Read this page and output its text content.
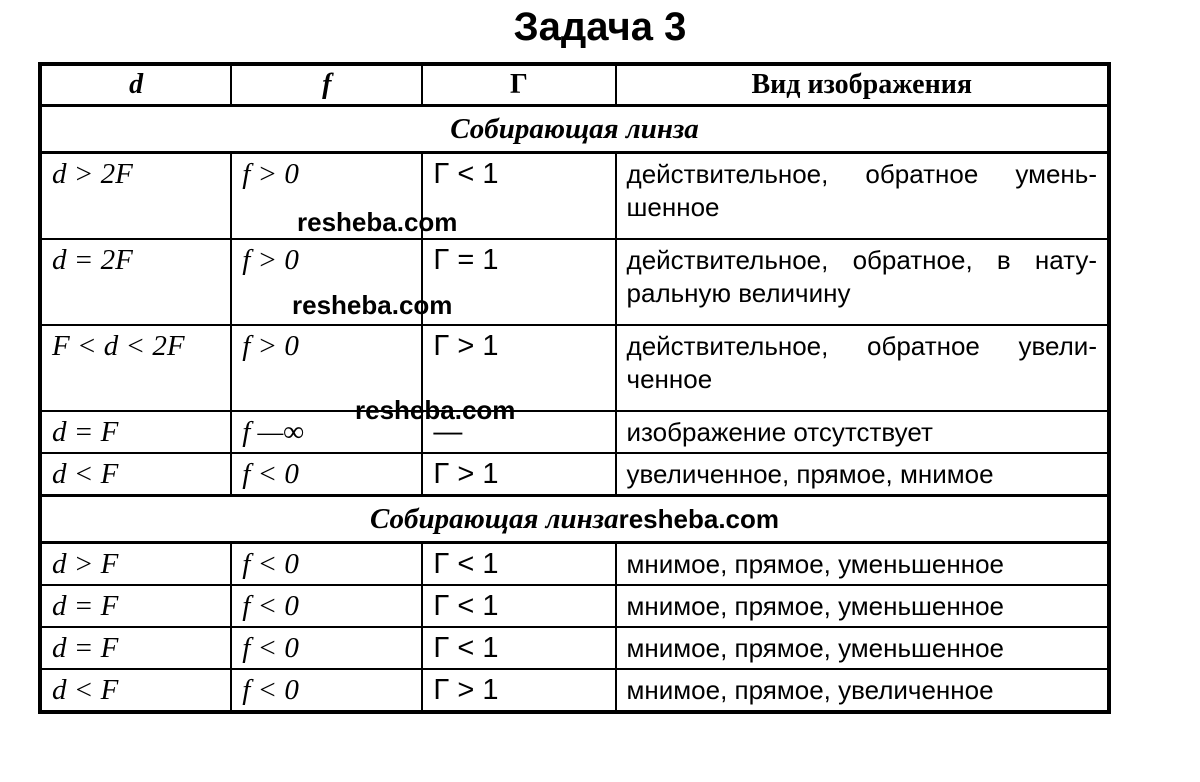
Задача 3
d	f	Γ	Вид изображения
Собирающая линза			
d > 2F	f > 0	Γ < 1	действительное, обратное умень-шенное
d = 2F	f > 0	Γ = 1	действительное, обратное, в нату-ральную величину
F < d < 2F	f > 0	Γ > 1	действительное, обратное увели-ченное
d = F	f —∞	—	изображение отсутствует
d < F	f < 0	Γ > 1	увеличенное, прямое, мнимое
Собирающая линзаresheba.com			
d > F	f < 0	Γ < 1	мнимое, прямое, уменьшенное
d = F	f < 0	Γ < 1	мнимое, прямое, уменьшенное
d = F	f < 0	Γ < 1	мнимое, прямое, уменьшенное
d < F	f < 0	Γ > 1	мнимое, прямое, увеличенное
resheba.com
resheba.com
resheba.com
